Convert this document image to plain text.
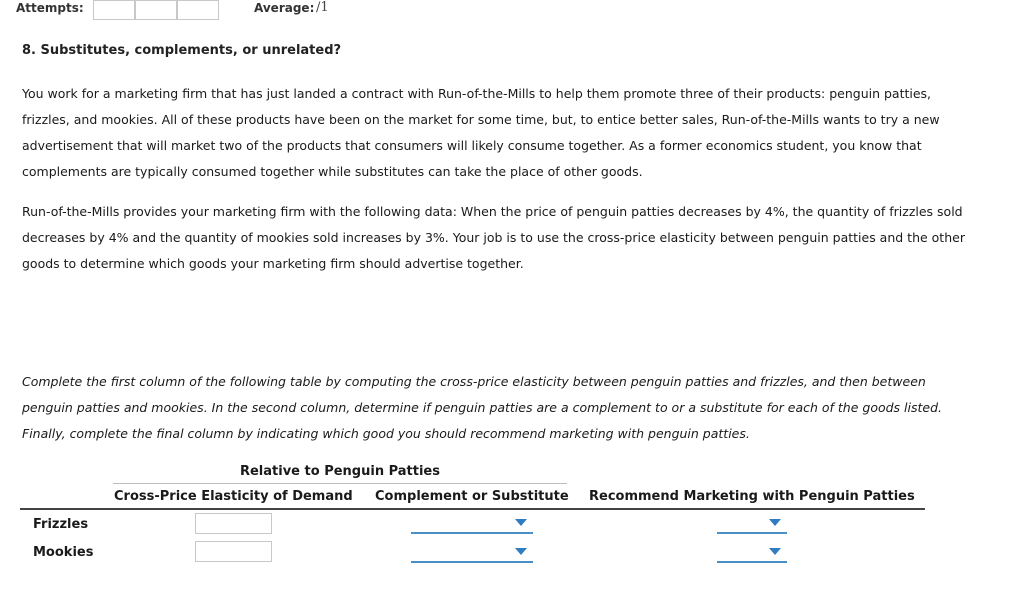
Attempts:	Average: /1
8. Substitutes, complements, or unrelated?

You work for a marketing firm that has just landed a contract with Run-of-the-Mills to help them promote three of their products: penguin patties,

frizzles, and mookies. All of these products have been on the market for some time, but, to entice better sales, Run-of-the-Mills wants to try a new

advertisement that will market two of the products that consumers will likely consume together. As a former economics student, you know that

complements are typically consumed together while substitutes can take the place of other goods.

Run-of-the-Mills provides your marketing firm with the following data: When the price of penguin patties decreases by 4%, the quantity of frizzles sold

decreases by 4% and the quantity of mookies sold increases by 3%. Your job is to use the cross-price elasticity between penguin patties and the other

goods to determine which goods your marketing firm should advertise together.

Complete the first column of the following table by computing the cross-price elasticity between penguin patties and frizzles, and then between

penguin patties and mookies. In the second column, determine if penguin patties are a complement to or a substitute for each of the goods listed.

Finally, complete the final column by indicating which good you should recommend marketing with penguin patties.

Relative to Penguin Patties
Cross-Price Elasticity of Demand Complement or Substitute Recommend Marketing with Penguin Patties
Frizzles
Mookies
